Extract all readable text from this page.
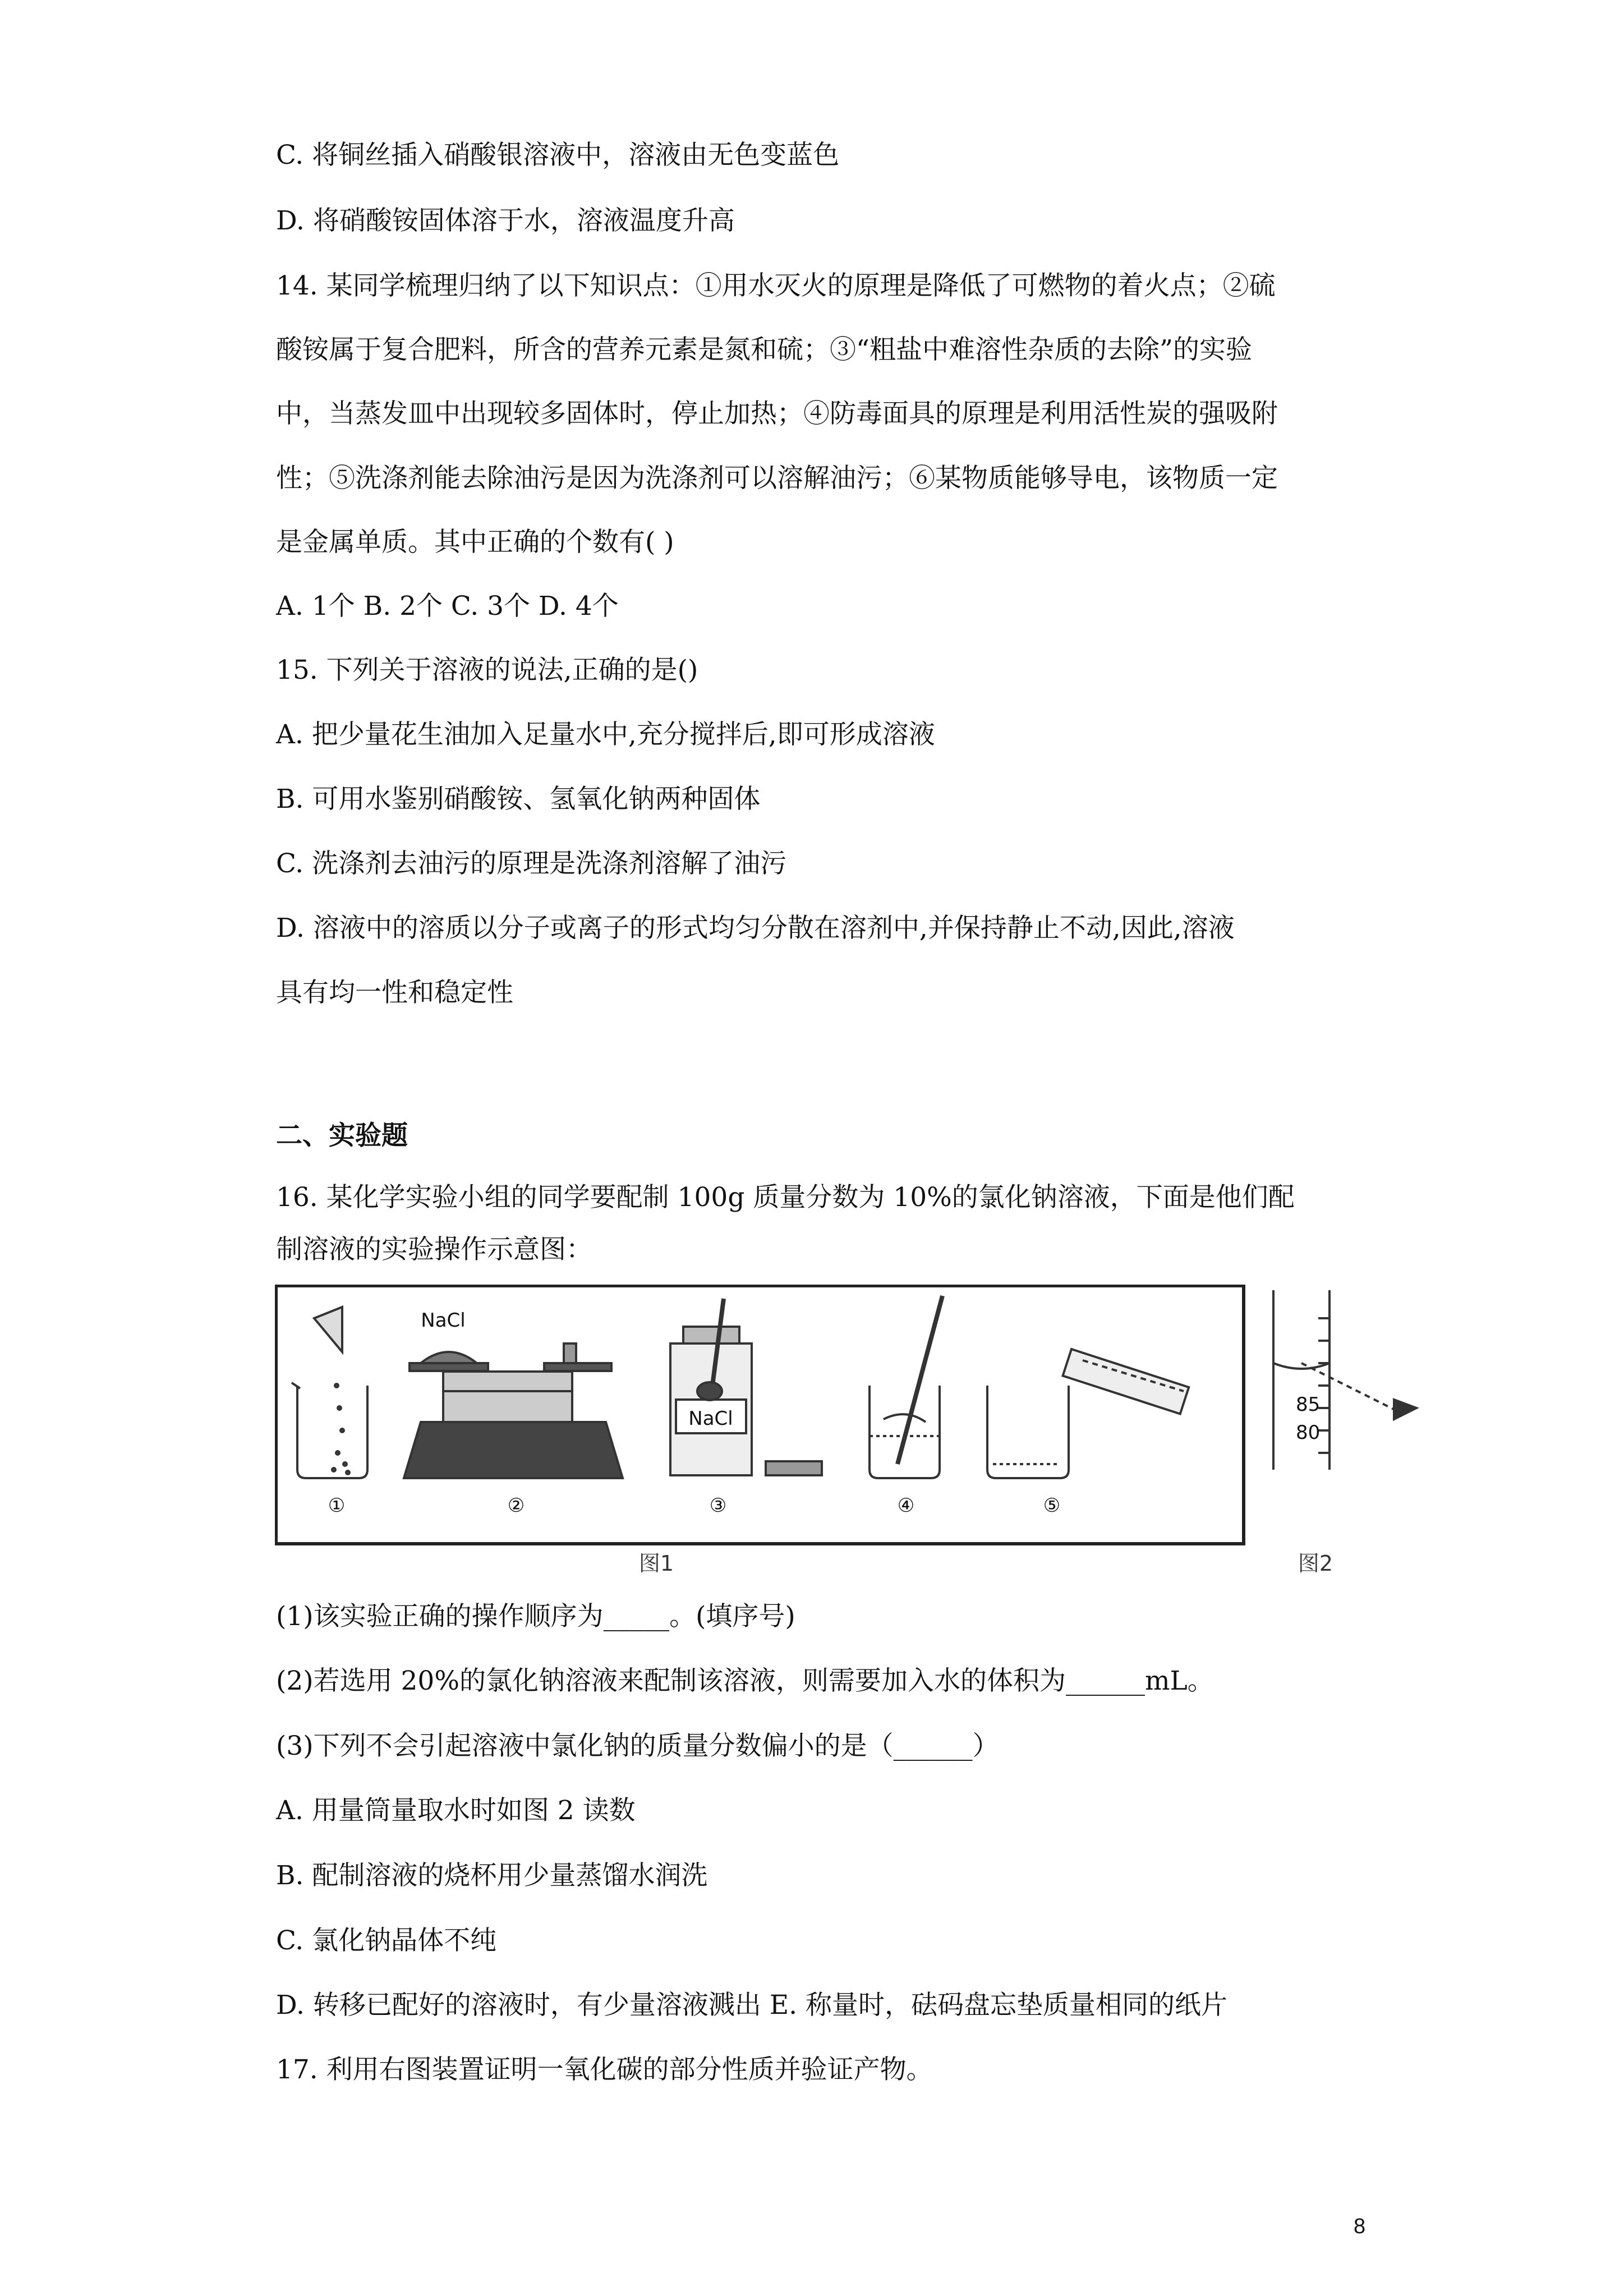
C. 将铜丝插入硝酸银溶液中，溶液由无色变蓝色
D. 将硝酸铵固体溶于水，溶液温度升高
14. 某同学梳理归纳了以下知识点：①用水灭火的原理是降低了可燃物的着火点；②硫
酸铵属于复合肥料，所含的营养元素是氮和硫；③“粗盐中难溶性杂质的去除”的实验
中，当蒸发皿中出现较多固体时，停止加热；④防毒面具的原理是利用活性炭的强吸附
性；⑤洗涤剂能去除油污是因为洗涤剂可以溶解油污；⑥某物质能够导电，该物质一定
是金属单质。其中正确的个数有( )
A. 1个 B. 2个 C. 3个 D. 4个
15. 下列关于溶液的说法,正确的是()
A. 把少量花生油加入足量水中,充分搅拌后,即可形成溶液
B. 可用水鉴别硝酸铵、氢氧化钠两种固体
C. 洗涤剂去油污的原理是洗涤剂溶解了油污
D. 溶液中的溶质以分子或离子的形式均匀分散在溶剂中,并保持静止不动,因此,溶液
具有均一性和稳定性
二、实验题
16. 某化学实验小组的同学要配制 100g 质量分数为 10%的氯化钠溶液，下面是他们配
制溶液的实验操作示意图：
NaCl
NaCl
①	②	③	④	⑤
85
80
图1	图2
(1)该实验正确的操作顺序为_____。(填序号)
(2)若选用 20%的氯化钠溶液来配制该溶液，则需要加入水的体积为______mL。
(3)下列不会引起溶液中氯化钠的质量分数偏小的是（______）
A. 用量筒量取水时如图 2 读数
B. 配制溶液的烧杯用少量蒸馏水润洗
C. 氯化钠晶体不纯
D. 转移已配好的溶液时，有少量溶液溅出 E. 称量时，砝码盘忘垫质量相同的纸片
17. 利用右图装置证明一氧化碳的部分性质并验证产物。
8
